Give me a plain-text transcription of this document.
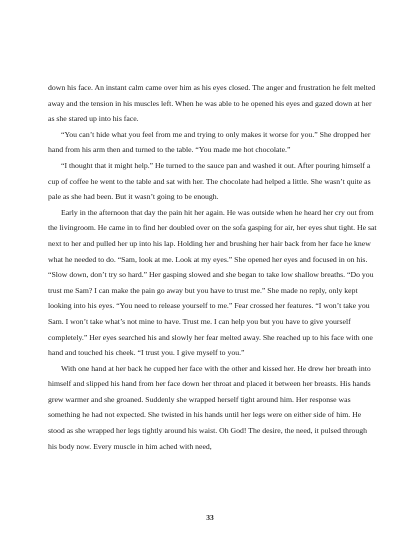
down his face. An instant calm came over him as his eyes closed. The anger and frustration he felt melted away and the tension in his muscles left. When he was able to he opened his eyes and gazed down at her as she stared up into his face.

“You can’t hide what you feel from me and trying to only makes it worse for you.” She dropped her hand from his arm then and turned to the table. “You made me hot chocolate.”

“I thought that it might help.” He turned to the sauce pan and washed it out. After pouring himself a cup of coffee he went to the table and sat with her. The chocolate had helped a little. She wasn’t quite as pale as she had been. But it wasn’t going to be enough.

Early in the afternoon that day the pain hit her again. He was outside when he heard her cry out from the livingroom. He came in to find her doubled over on the sofa gasping for air, her eyes shut tight. He sat next to her and pulled her up into his lap. Holding her and brushing her hair back from her face he knew what he needed to do. “Sam, look at me. Look at my eyes.” She opened her eyes and focused in on his. “Slow down, don’t try so hard.” Her gasping slowed and she began to take low shallow breaths. “Do you trust me Sam? I can make the pain go away but you have to trust me.” She made no reply, only kept looking into his eyes. “You need to release yourself to me.” Fear crossed her features. “I won’t take you Sam. I won’t take what’s not mine to have. Trust me. I can help you but you have to give yourself completely.” Her eyes searched his and slowly her fear melted away. She reached up to his face with one hand and touched his cheek. “I trust you. I give myself to you.”

With one hand at her back he cupped her face with the other and kissed her. He drew her breath into himself and slipped his hand from her face down her throat and placed it between her breasts. His hands grew warmer and she groaned. Suddenly she wrapped herself tight around him. Her response was something he had not expected. She twisted in his hands until her legs were on either side of him. He stood as she wrapped her legs tightly around his waist. Oh God! The desire, the need, it pulsed through his body now. Every muscle in him ached with need,

33
